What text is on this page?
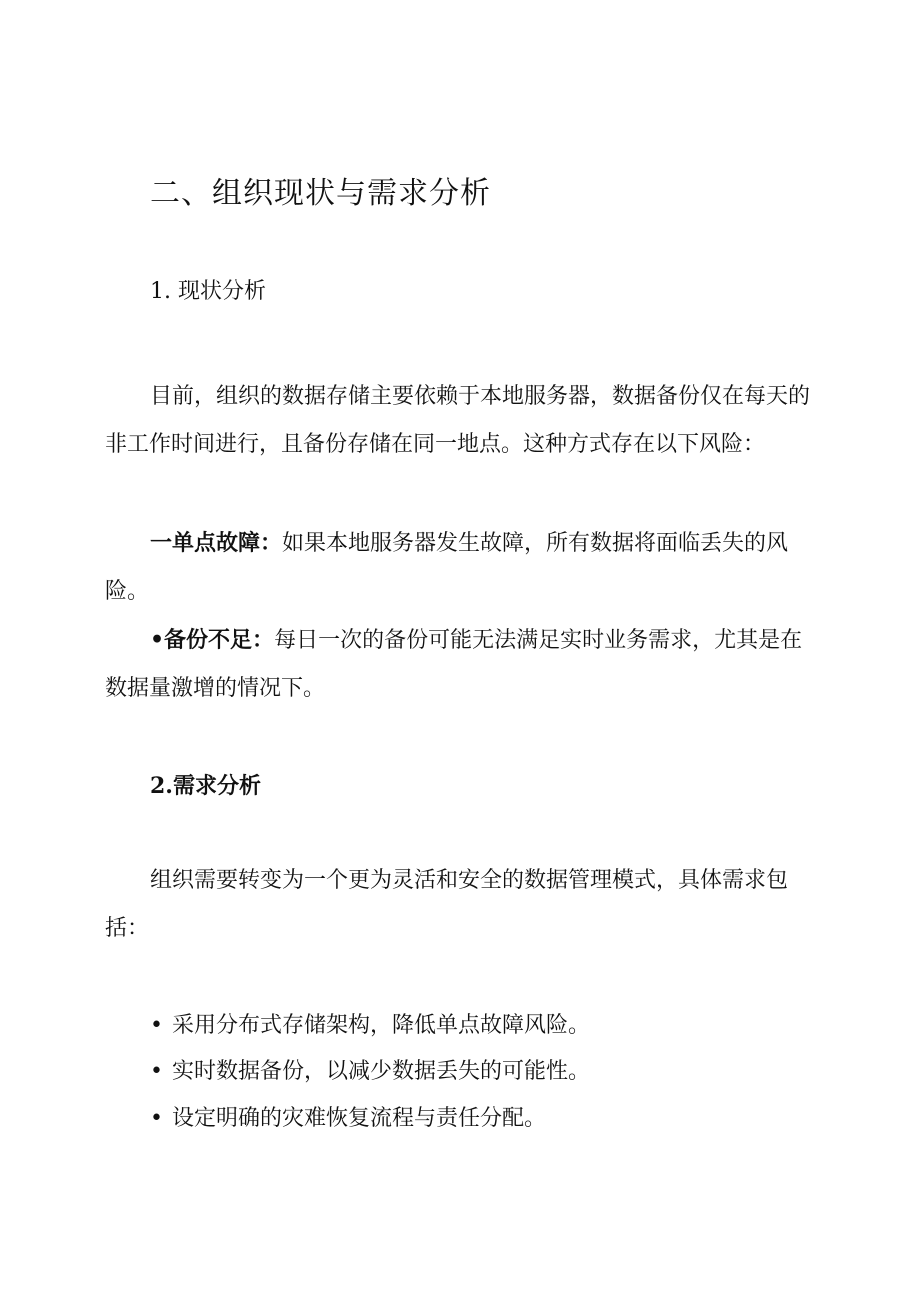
二、组织现状与需求分析
1. 现状分析

目前，组织的数据存储主要依赖于本地服务器，数据备份仅在每天的非工作时间进行，且备份存储在同一地点。这种方式存在以下风险：

一单点故障：如果本地服务器发生故障，所有数据将面临丢失的风险。

•备份不足：每日一次的备份可能无法满足实时业务需求，尤其是在数据量激增的情况下。

2.需求分析

组织需要转变为一个更为灵活和安全的数据管理模式，具体需求包括：

• 采用分布式存储架构，降低单点故障风险。
• 实时数据备份，以减少数据丢失的可能性。
• 设定明确的灾难恢复流程与责任分配。
